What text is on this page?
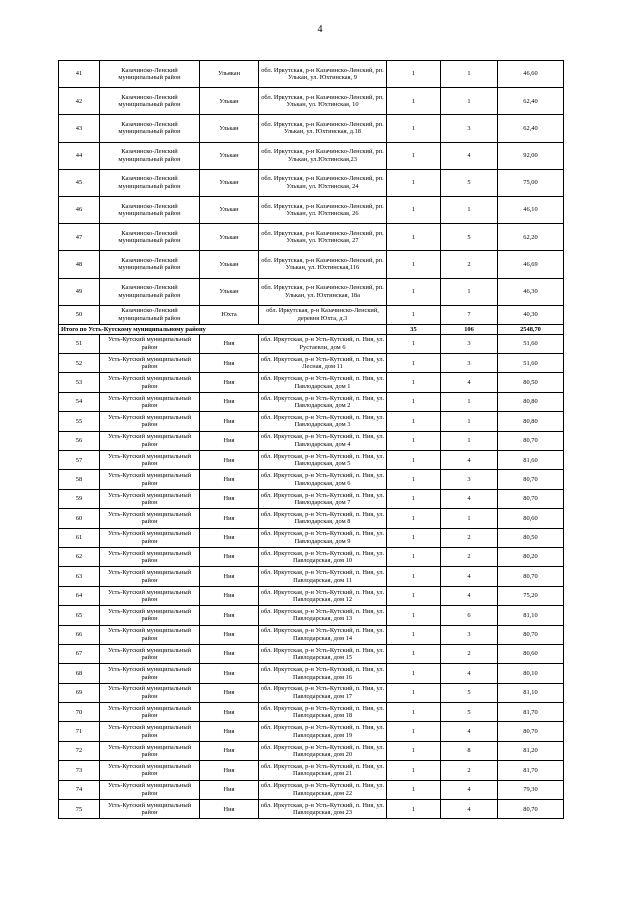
4
41	Казачинско-Ленский муниципальный район	Ульякан	обл. Иркутская, р-н Казачинско-Ленский, рп. Улькан, ул. Юхтинская, 9	1	1	46,60
42	Казачинско-Ленский муниципальный район	Улькан	обл. Иркутская, р-н Казачинско-Ленский, рп. Улькан, ул. Юхтинская, 10	1	1	62,40
43	Казачинско-Ленский муниципальный район	Улькан	обл. Иркутская, р-н Казачинско-Ленский, рп. Улькан, ул. Юхтинская, д.18	1	3	62,40
44	Казачинско-Ленский муниципальный район	Улькан	обл. Иркутская, р-н Казачинско-Ленский, рп. Улькан, ул.Юхтинская,23	1	4	92,00
45	Казачинско-Ленский муниципальный район	Улькан	обл. Иркутская, р-н Казачинско-Ленский, рп. Улькан, ул. Юхтинская, 24	1	5	75,00
46	Казачинско-Ленский муниципальный район	Улькан	обл. Иркутская, р-н Казачинско-Ленский, рп. Улькан, ул. Юхтинская, 26	1	1	46,10
47	Казачинско-Ленский муниципальный район	Улькан	обл. Иркутская, р-н Казачинско-Ленский, рп. Улькан, ул. Юхтинская, 27	1	5	62,20
48	Казачинско-Ленский муниципальный район	Улькан	обл. Иркутская, р-н Казачинско-Ленский, рп. Улькан, ул. Юхтинская,116	1	2	46,69
49	Казачинско-Ленский муниципальный район	Улькан	обл. Иркутская, р-н Казачинско-Ленский, рп. Улькан, ул. Юхтинская, 18а	1	1	46,30
50	Казачинско-Ленский муниципальный район	Юхта	обл. Иркутская, р-н Казачинско-Ленский, деревня Юхта, д.3	1	7	40,30
Итого по Усть-Кутскому муниципальному району				35	106	2548,70
51	Усть-Кутский муниципальный район	Ния	обл. Иркутская, р-н Усть-Кутский, п. Ния, ул. Рустаевли, дом 6	1	3	51,60
52	Усть-Кутский муниципальный район	Ния	обл. Иркутская, р-н Усть-Кутский, п. Ния, ул. Лесная, дом 11	1	3	51,60
53	Усть-Кутский муниципальный район	Ния	обл. Иркутская, р-н Усть-Кутский, п. Ния, ул. Павлодарская, дом 1	1	4	80,50
54	Усть-Кутский муниципальный район	Ния	обл. Иркутская, р-н Усть-Кутский, п. Ния, ул. Павлодарская, дом 2	1	1	80,80
55	Усть-Кутский муниципальный район	Ния	обл. Иркутская, р-н Усть-Кутский, п. Ния, ул. Павлодарская, дом 3	1	1	80,80
56	Усть-Кутский муниципальный район	Ния	обл. Иркутская, р-н Усть-Кутский, п. Ния, ул. Павлодарская, дом 4	1	1	80,70
57	Усть-Кутский муниципальный район	Ния	обл. Иркутская, р-н Усть-Кутский, п. Ния, ул. Павлодарская, дом 5	1	4	81,60
58	Усть-Кутский муниципальный район	Ния	обл. Иркутская, р-н Усть-Кутский, п. Ния, ул. Павлодарская, дом 6	1	3	80,70
59	Усть-Кутский муниципальный район	Ния	обл. Иркутская, р-н Усть-Кутский, п. Ния, ул. Павлодарская, дом 7	1	4	80,70
60	Усть-Кутский муниципальный район	Ния	обл. Иркутская, р-н Усть-Кутский, п. Ния, ул. Павлодарская, дом 8	1	1	80,60
61	Усть-Кутский муниципальный район	Ния	обл. Иркутская, р-н Усть-Кутский, п. Ния, ул. Павлодарская, дом 9	1	2	80,50
62	Усть-Кутский муниципальный район	Ния	обл. Иркутская, р-н Усть-Кутский, п. Ния, ул. Павлодарская, дом 10	1	2	80,20
63	Усть-Кутский муниципальный район	Ния	обл. Иркутская, р-н Усть-Кутский, п. Ния, ул. Павлодарская, дом 11	1	4	80,70
64	Усть-Кутский муниципальный район	Ния	обл. Иркутская, р-н Усть-Кутский, п. Ния, ул. Павлодарская, дом 12	1	4	75,20
65	Усть-Кутский муниципальный район	Ния	обл. Иркутская, р-н Усть-Кутский, п. Ния, ул. Павлодарская, дом 13	1	6	81,10
66	Усть-Кутский муниципальный район	Ния	обл. Иркутская, р-н Усть-Кутский, п. Ния, ул. Павлодарская, дом 14	1	3	80,70
67	Усть-Кутский муниципальный район	Ния	обл. Иркутская, р-н Усть-Кутский, п. Ния, ул. Павлодарская, дом 15	1	2	80,60
68	Усть-Кутский муниципальный район	Ния	обл. Иркутская, р-н Усть-Кутский, п. Ния, ул. Павлодарская, дом 16	1	4	80,10
69	Усть-Кутский муниципальный район	Ния	обл. Иркутская, р-н Усть-Кутский, п. Ния, ул. Павлодарская, дом 17	1	5	81,10
70	Усть-Кутский муниципальный район	Ния	обл. Иркутская, р-н Усть-Кутский, п. Ния, ул. Павлодарская, дом 18	1	5	81,70
71	Усть-Кутский муниципальный район	Ния	обл. Иркутская, р-н Усть-Кутский, п. Ния, ул. Павлодарская, дом 19	1	4	80,70
72	Усть-Кутский муниципальный район	Ния	обл. Иркутская, р-н Усть-Кутский, п. Ния, ул. Павлодарская, дом 20	1	8	81,20
73	Усть-Кутский муниципальный район	Ния	обл. Иркутская, р-н Усть-Кутский, п. Ния, ул. Павлодарская, дом 21	1	2	81,70
74	Усть-Кутский муниципальный район	Ния	обл. Иркутская, р-н Усть-Кутский, п. Ния, ул. Павлодарская, дом 22	1	4	79,30
75	Усть-Кутский муниципальный район	Ния	обл. Иркутская, р-н Усть-Кутский, п. Ния, ул. Павлодарская, дом 23	1	4	80,70
